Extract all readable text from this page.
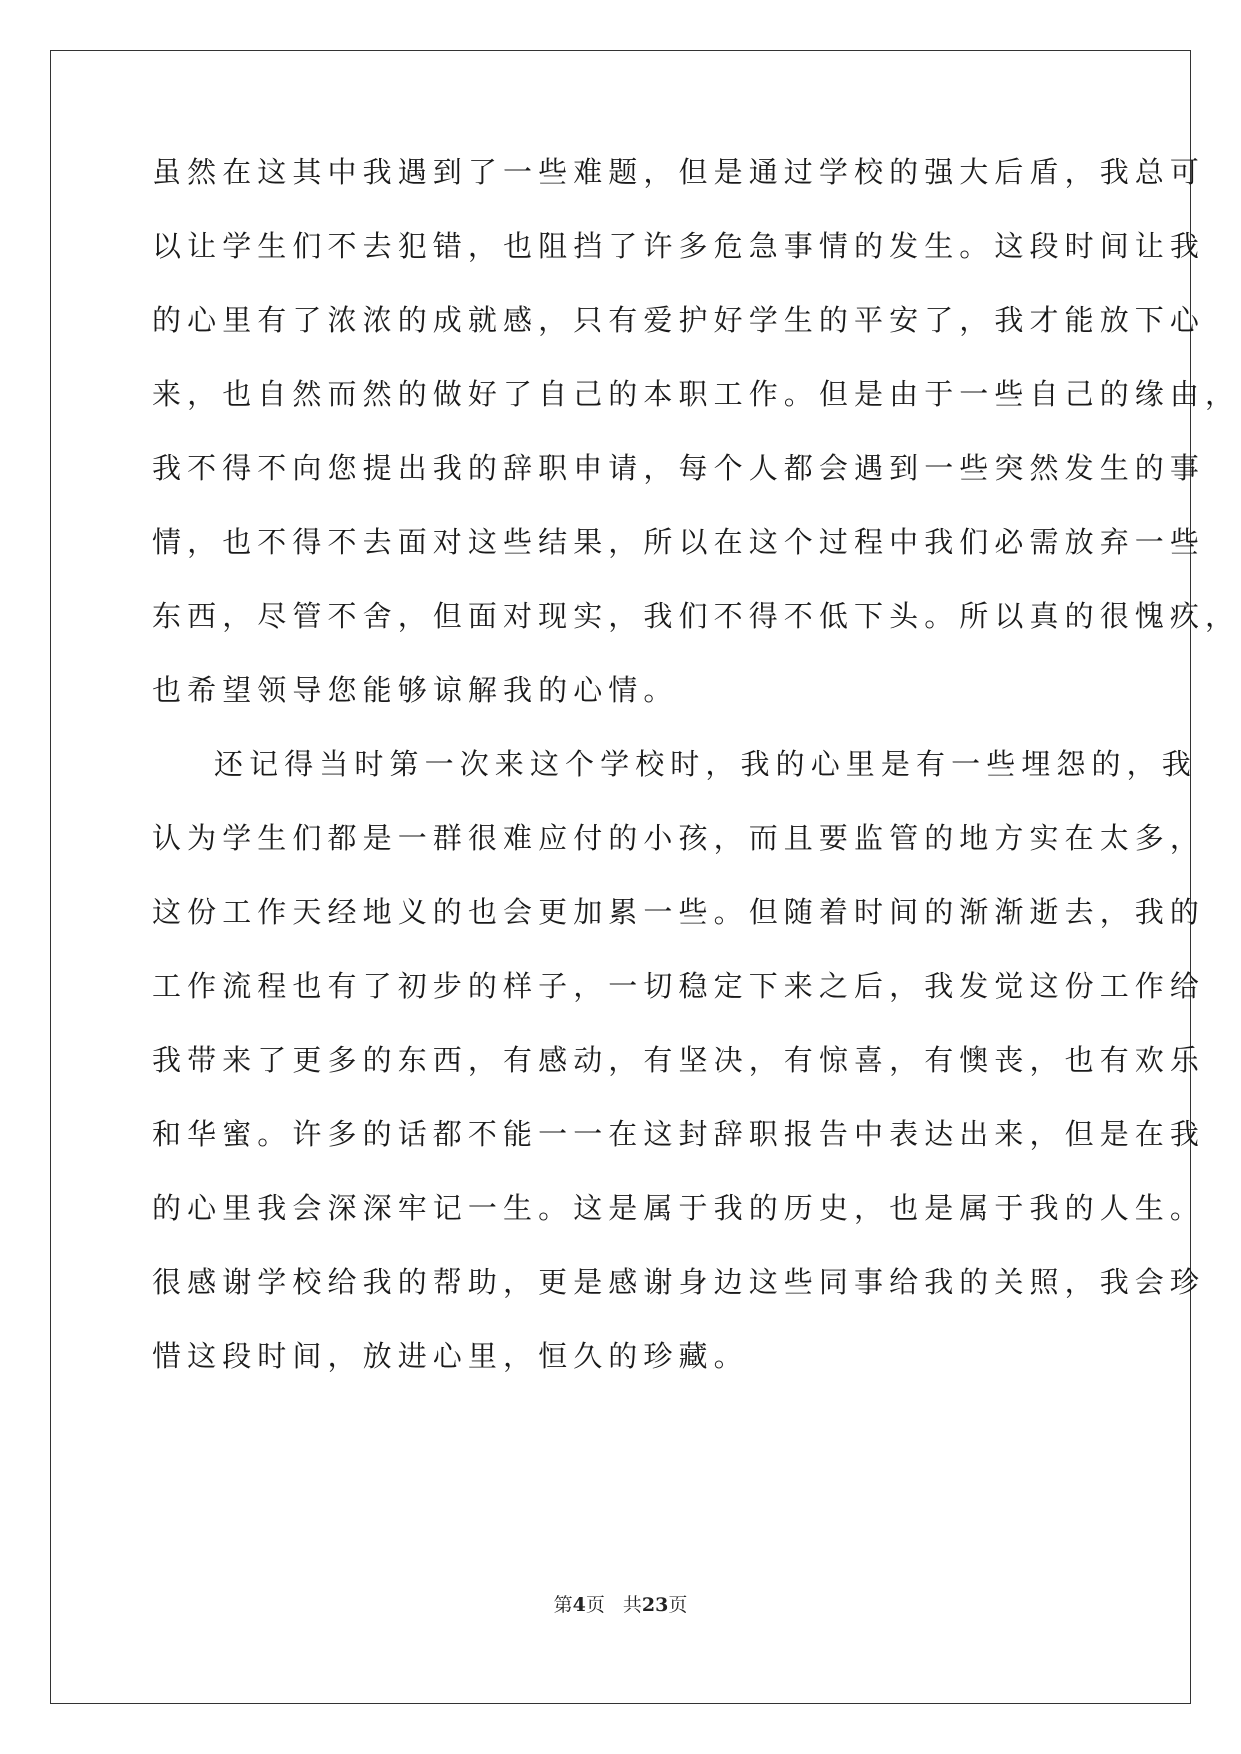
虽然在这其中我遇到了一些难题，但是通过学校的强大后盾，我总可
以让学生们不去犯错，也阻挡了许多危急事情的发生。这段时间让我
的心里有了浓浓的成就感，只有爱护好学生的平安了，我才能放下心
来，也自然而然的做好了自己的本职工作。但是由于一些自己的缘由，
我不得不向您提出我的辞职申请，每个人都会遇到一些突然发生的事
情，也不得不去面对这些结果，所以在这个过程中我们必需放弃一些
东西，尽管不舍，但面对现实，我们不得不低下头。所以真的很愧疚，
也希望领导您能够谅解我的心情。
还记得当时第一次来这个学校时，我的心里是有一些埋怨的，我
认为学生们都是一群很难应付的小孩，而且要监管的地方实在太多，
这份工作天经地义的也会更加累一些。但随着时间的渐渐逝去，我的
工作流程也有了初步的样子，一切稳定下来之后，我发觉这份工作给
我带来了更多的东西，有感动，有坚决，有惊喜，有懊丧，也有欢乐
和华蜜。许多的话都不能一一在这封辞职报告中表达出来，但是在我
的心里我会深深牢记一生。这是属于我的历史，也是属于我的人生。
很感谢学校给我的帮助，更是感谢身边这些同事给我的关照，我会珍
惜这段时间，放进心里，恒久的珍藏。
第4页 共23页
